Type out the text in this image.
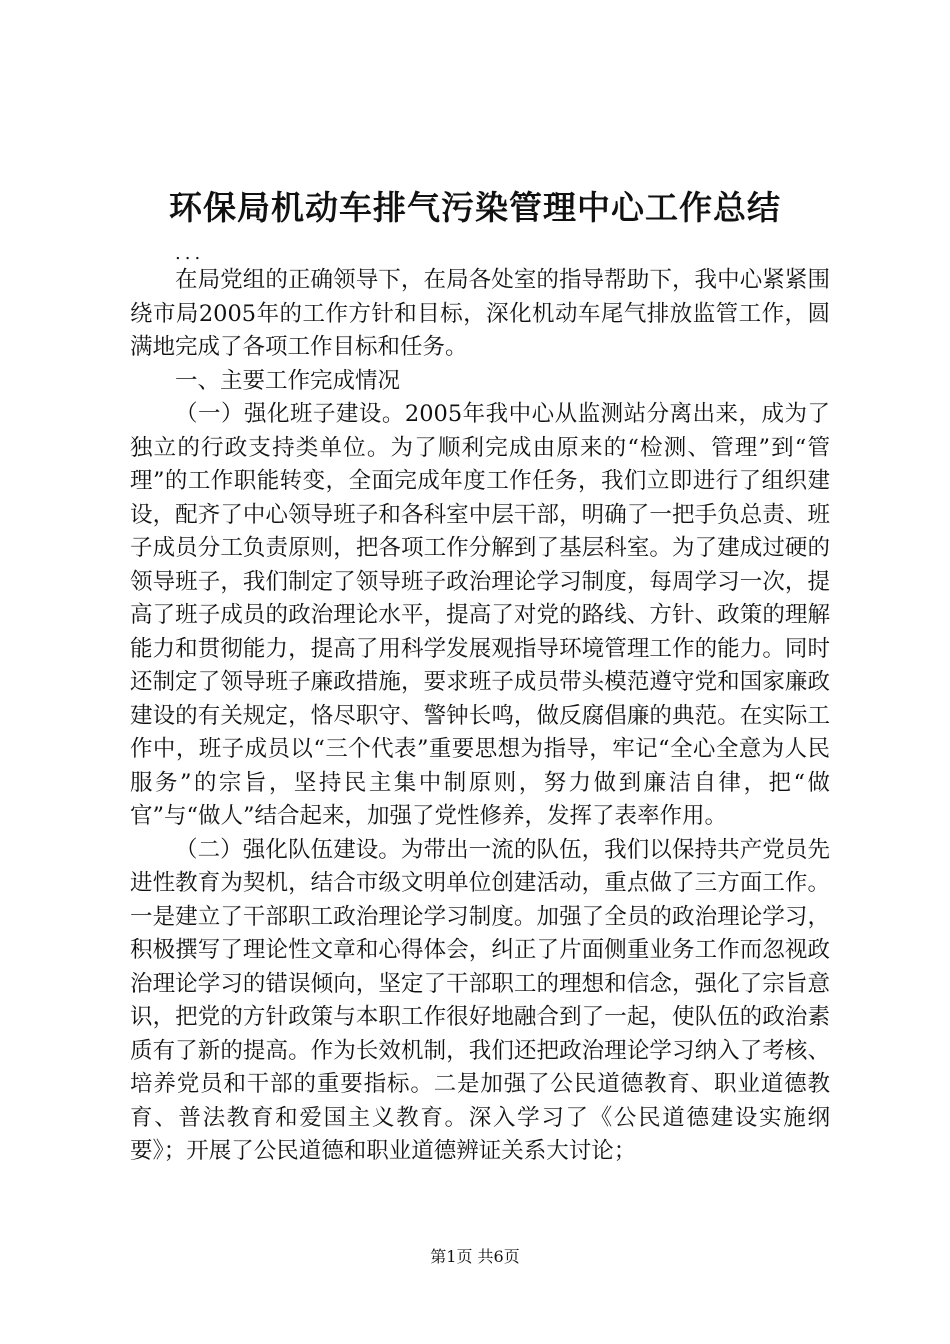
环保局机动车排气污染管理中心工作总结
...

在局党组的正确领导下，在局各处室的指导帮助下，我中心紧紧围绕市局2005年的工作方针和目标，深化机动车尾气排放监管工作，圆满地完成了各项工作目标和任务。

一、主要工作完成情况

（一）强化班子建设。2005年我中心从监测站分离出来，成为了独立的行政支持类单位。为了顺利完成由原来的“检测、管理”到“管理”的工作职能转变，全面完成年度工作任务，我们立即进行了组织建设，配齐了中心领导班子和各科室中层干部，明确了一把手负总责、班子成员分工负责原则，把各项工作分解到了基层科室。为了建成过硬的领导班子，我们制定了领导班子政治理论学习制度，每周学习一次，提高了班子成员的政治理论水平，提高了对党的路线、方针、政策的理解能力和贯彻能力，提高了用科学发展观指导环境管理工作的能力。同时还制定了领导班子廉政措施，要求班子成员带头模范遵守党和国家廉政建设的有关规定，恪尽职守、警钟长鸣，做反腐倡廉的典范。在实际工作中，班子成员以“三个代表”重要思想为指导，牢记“全心全意为人民服务”的宗旨，坚持民主集中制原则，努力做到廉洁自律，把“做官”与“做人”结合起来，加强了党性修养，发挥了表率作用。

（二）强化队伍建设。为带出一流的队伍，我们以保持共产党员先进性教育为契机，结合市级文明单位创建活动，重点做了三方面工作。一是建立了干部职工政治理论学习制度。加强了全员的政治理论学习，积极撰写了理论性文章和心得体会，纠正了片面侧重业务工作而忽视政治理论学习的错误倾向，坚定了干部职工的理想和信念，强化了宗旨意识，把党的方针政策与本职工作很好地融合到了一起，使队伍的政治素质有了新的提高。作为长效机制，我们还把政治理论学习纳入了考核、培养党员和干部的重要指标。二是加强了公民道德教育、职业道德教育、普法教育和爱国主义教育。深入学习了《公民道德建设实施纲要》；开展了公民道德和职业道德辨证关系大讨论；

第1页 共6页
